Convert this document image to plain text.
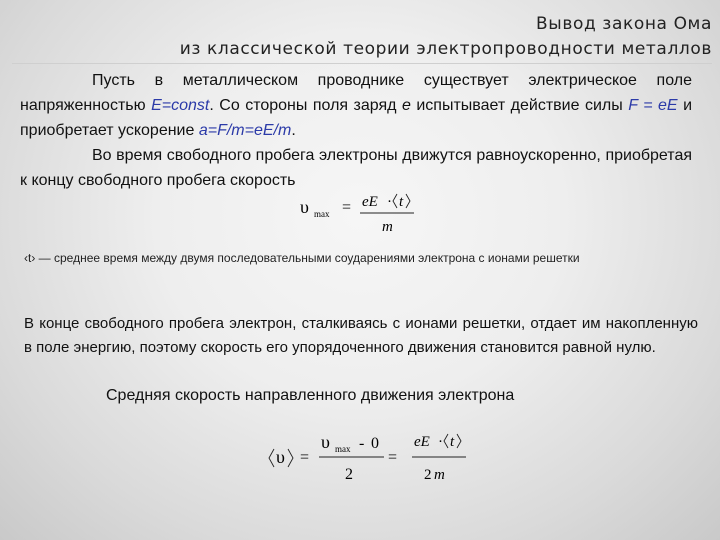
Вывод закона Ома
из классической теории электропроводности металлов

Пусть в металлическом проводнике существует электрическое поле напряженностью E=const. Со стороны поля заряд e испытывает действие силы F = eE и приобретает ускорение a=F/m=eE/m.

Во время свободного пробега электроны движутся равноускоренно, приобретая к концу свободного пробега скорость

υ max = eE · t
m
‹t› — среднее время между двумя последовательными соударениями электрона с ионами решетки

В конце свободного пробега электрон, сталкиваясь с ионами решетки, отдает им накопленную в поле энергию, поэтому скорость его упорядоченного движения становится равной нулю.

Средняя скорость направленного движения электрона
υ =
υ max - 0
2
=
eE · t
2 m
